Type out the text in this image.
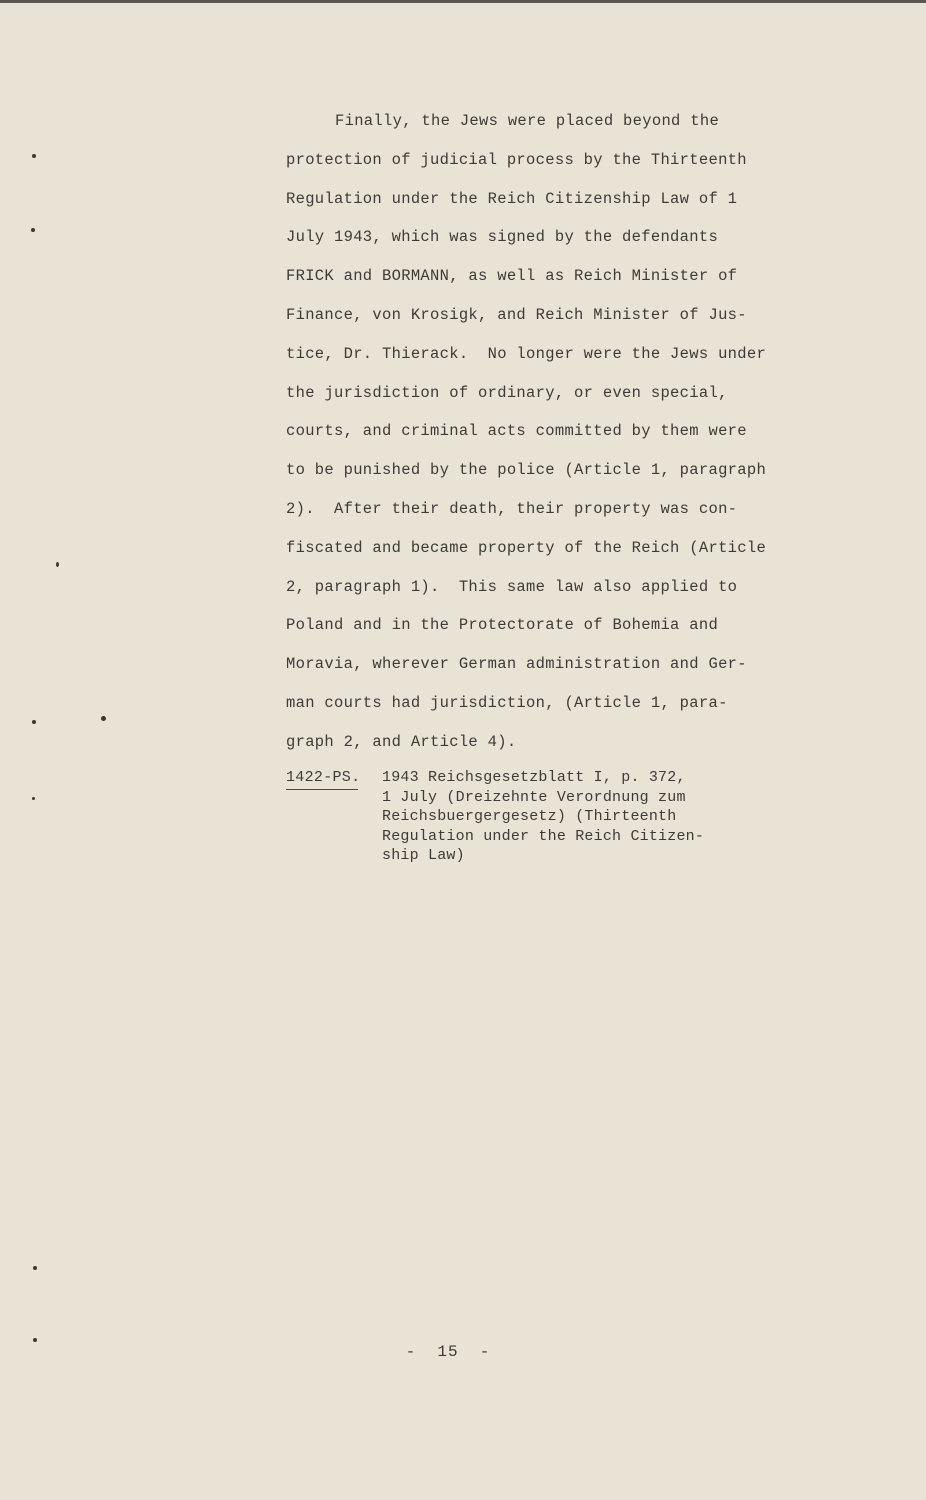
Finally, the Jews were placed beyond the
protection of judicial process by the Thirteenth
Regulation under the Reich Citizenship Law of 1
July 1943, which was signed by the defendants
FRICK and BORMANN, as well as Reich Minister of
Finance, von Krosigk, and Reich Minister of Jus-
tice, Dr. Thierack.  No longer were the Jews under
the jurisdiction of ordinary, or even special,
courts, and criminal acts committed by them were
to be punished by the police (Article 1, paragraph
2).  After their death, their property was con-
fiscated and became property of the Reich (Article
2, paragraph 1).  This same law also applied to
Poland and in the Protectorate of Bohemia and
Moravia, wherever German administration and Ger-
man courts had jurisdiction, (Article 1, para-
graph 2, and Article 4).
1422-PS. 1943 Reichsgesetzblatt I, p. 372,
1 July (Dreizehnte Verordnung zum
Reichsbuergergesetz) (Thirteenth
Regulation under the Reich Citizen-
ship Law)
-  15  -
